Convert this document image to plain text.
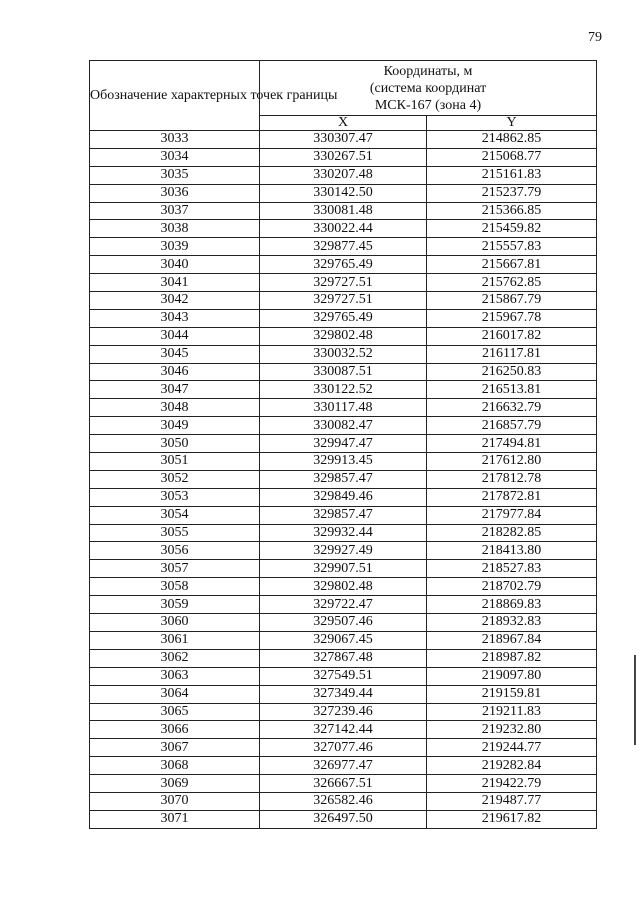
79
Обозначение характерных точек границы	Координаты, м
(система координат
МСК-167 (зона 4)	

	X	Y
3033	330307.47	214862.85
3034	330267.51	215068.77
3035	330207.48	215161.83
3036	330142.50	215237.79
3037	330081.48	215366.85
3038	330022.44	215459.82
3039	329877.45	215557.83
3040	329765.49	215667.81
3041	329727.51	215762.85
3042	329727.51	215867.79
3043	329765.49	215967.78
3044	329802.48	216017.82
3045	330032.52	216117.81
3046	330087.51	216250.83
3047	330122.52	216513.81
3048	330117.48	216632.79
3049	330082.47	216857.79
3050	329947.47	217494.81
3051	329913.45	217612.80
3052	329857.47	217812.78
3053	329849.46	217872.81
3054	329857.47	217977.84
3055	329932.44	218282.85
3056	329927.49	218413.80
3057	329907.51	218527.83
3058	329802.48	218702.79
3059	329722.47	218869.83
3060	329507.46	218932.83
3061	329067.45	218967.84
3062	327867.48	218987.82
3063	327549.51	219097.80
3064	327349.44	219159.81
3065	327239.46	219211.83
3066	327142.44	219232.80
3067	327077.46	219244.77
3068	326977.47	219282.84
3069	326667.51	219422.79
3070	326582.46	219487.77
3071	326497.50	219617.82
